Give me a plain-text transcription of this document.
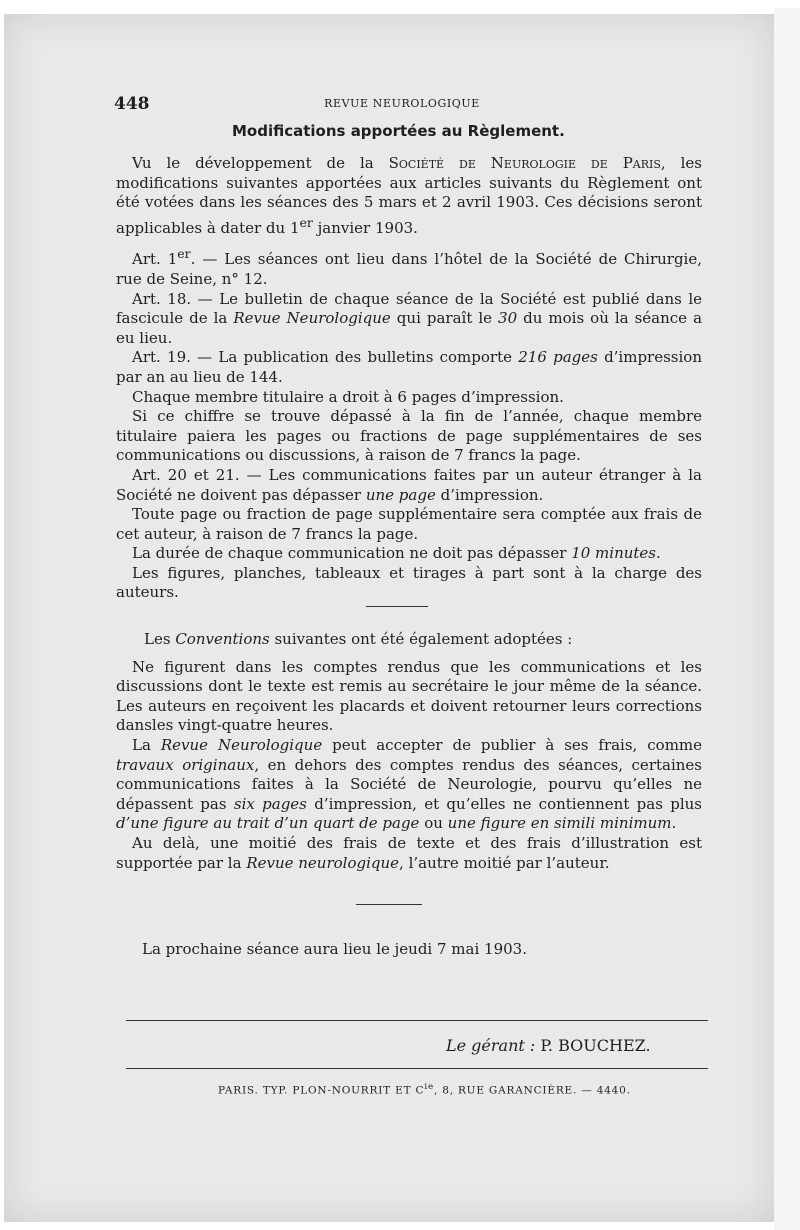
448	REVUE NEUROLOGIQUE
Modifications apportées au Règlement.

Vu le développement de la Société de Neurologie de Paris, les modifications suivantes apportées aux articles suivants du Règlement ont été votées dans les séances des 5 mars et 2 avril 1903. Ces décisions seront applicables à dater du 1er janvier 1903.

Art. 1er. — Les séances ont lieu dans l’hôtel de la Société de Chirurgie, rue de Seine, n° 12.

Art. 18. — Le bulletin de chaque séance de la Société est publié dans le fascicule de la Revue Neurologique qui paraît le 30 du mois où la séance a eu lieu.

Art. 19. — La publication des bulletins comporte 216 pages d’impression par an au lieu de 144.

Chaque membre titulaire a droit à 6 pages d’impression.

Si ce chiffre se trouve dépassé à la fin de l’année, chaque membre titulaire paiera les pages ou fractions de page supplémentaires de ses communications ou discussions, à raison de 7 francs la page.

Art. 20 et 21. — Les communications faites par un auteur étranger à la Société ne doivent pas dépasser une page d’impression.

Toute page ou fraction de page supplémentaire sera comptée aux frais de cet auteur, à raison de 7 francs la page.

La durée de chaque communication ne doit pas dépasser 10 minutes.

Les figures, planches, tableaux et tirages à part sont à la charge des auteurs.

Les Conventions suivantes ont été également adoptées :

Ne figurent dans les comptes rendus que les communications et les discussions dont le texte est remis au secrétaire le jour même de la séance. Les auteurs en reçoivent les placards et doivent retourner leurs corrections dansles vingt-quatre heures.

La Revue Neurologique peut accepter de publier à ses frais, comme travaux originaux, en dehors des comptes rendus des séances, certaines communications faites à la Société de Neurologie, pourvu qu’elles ne dépassent pas six pages d’impression, et qu’elles ne contiennent pas plus d’une figure au trait d’un quart de page ou une figure en simili minimum.

Au delà, une moitié des frais de texte et des frais d’illustration est supportée par la Revue neurologique, l’autre moitié par l’auteur.

La prochaine séance aura lieu le jeudi 7 mai 1903.
Le gérant : P. BOUCHEZ.
PARIS. TYP. PLON-NOURRIT ET $C^{ie}$, 8, RUE GARANCIÈRE. — 4440.
